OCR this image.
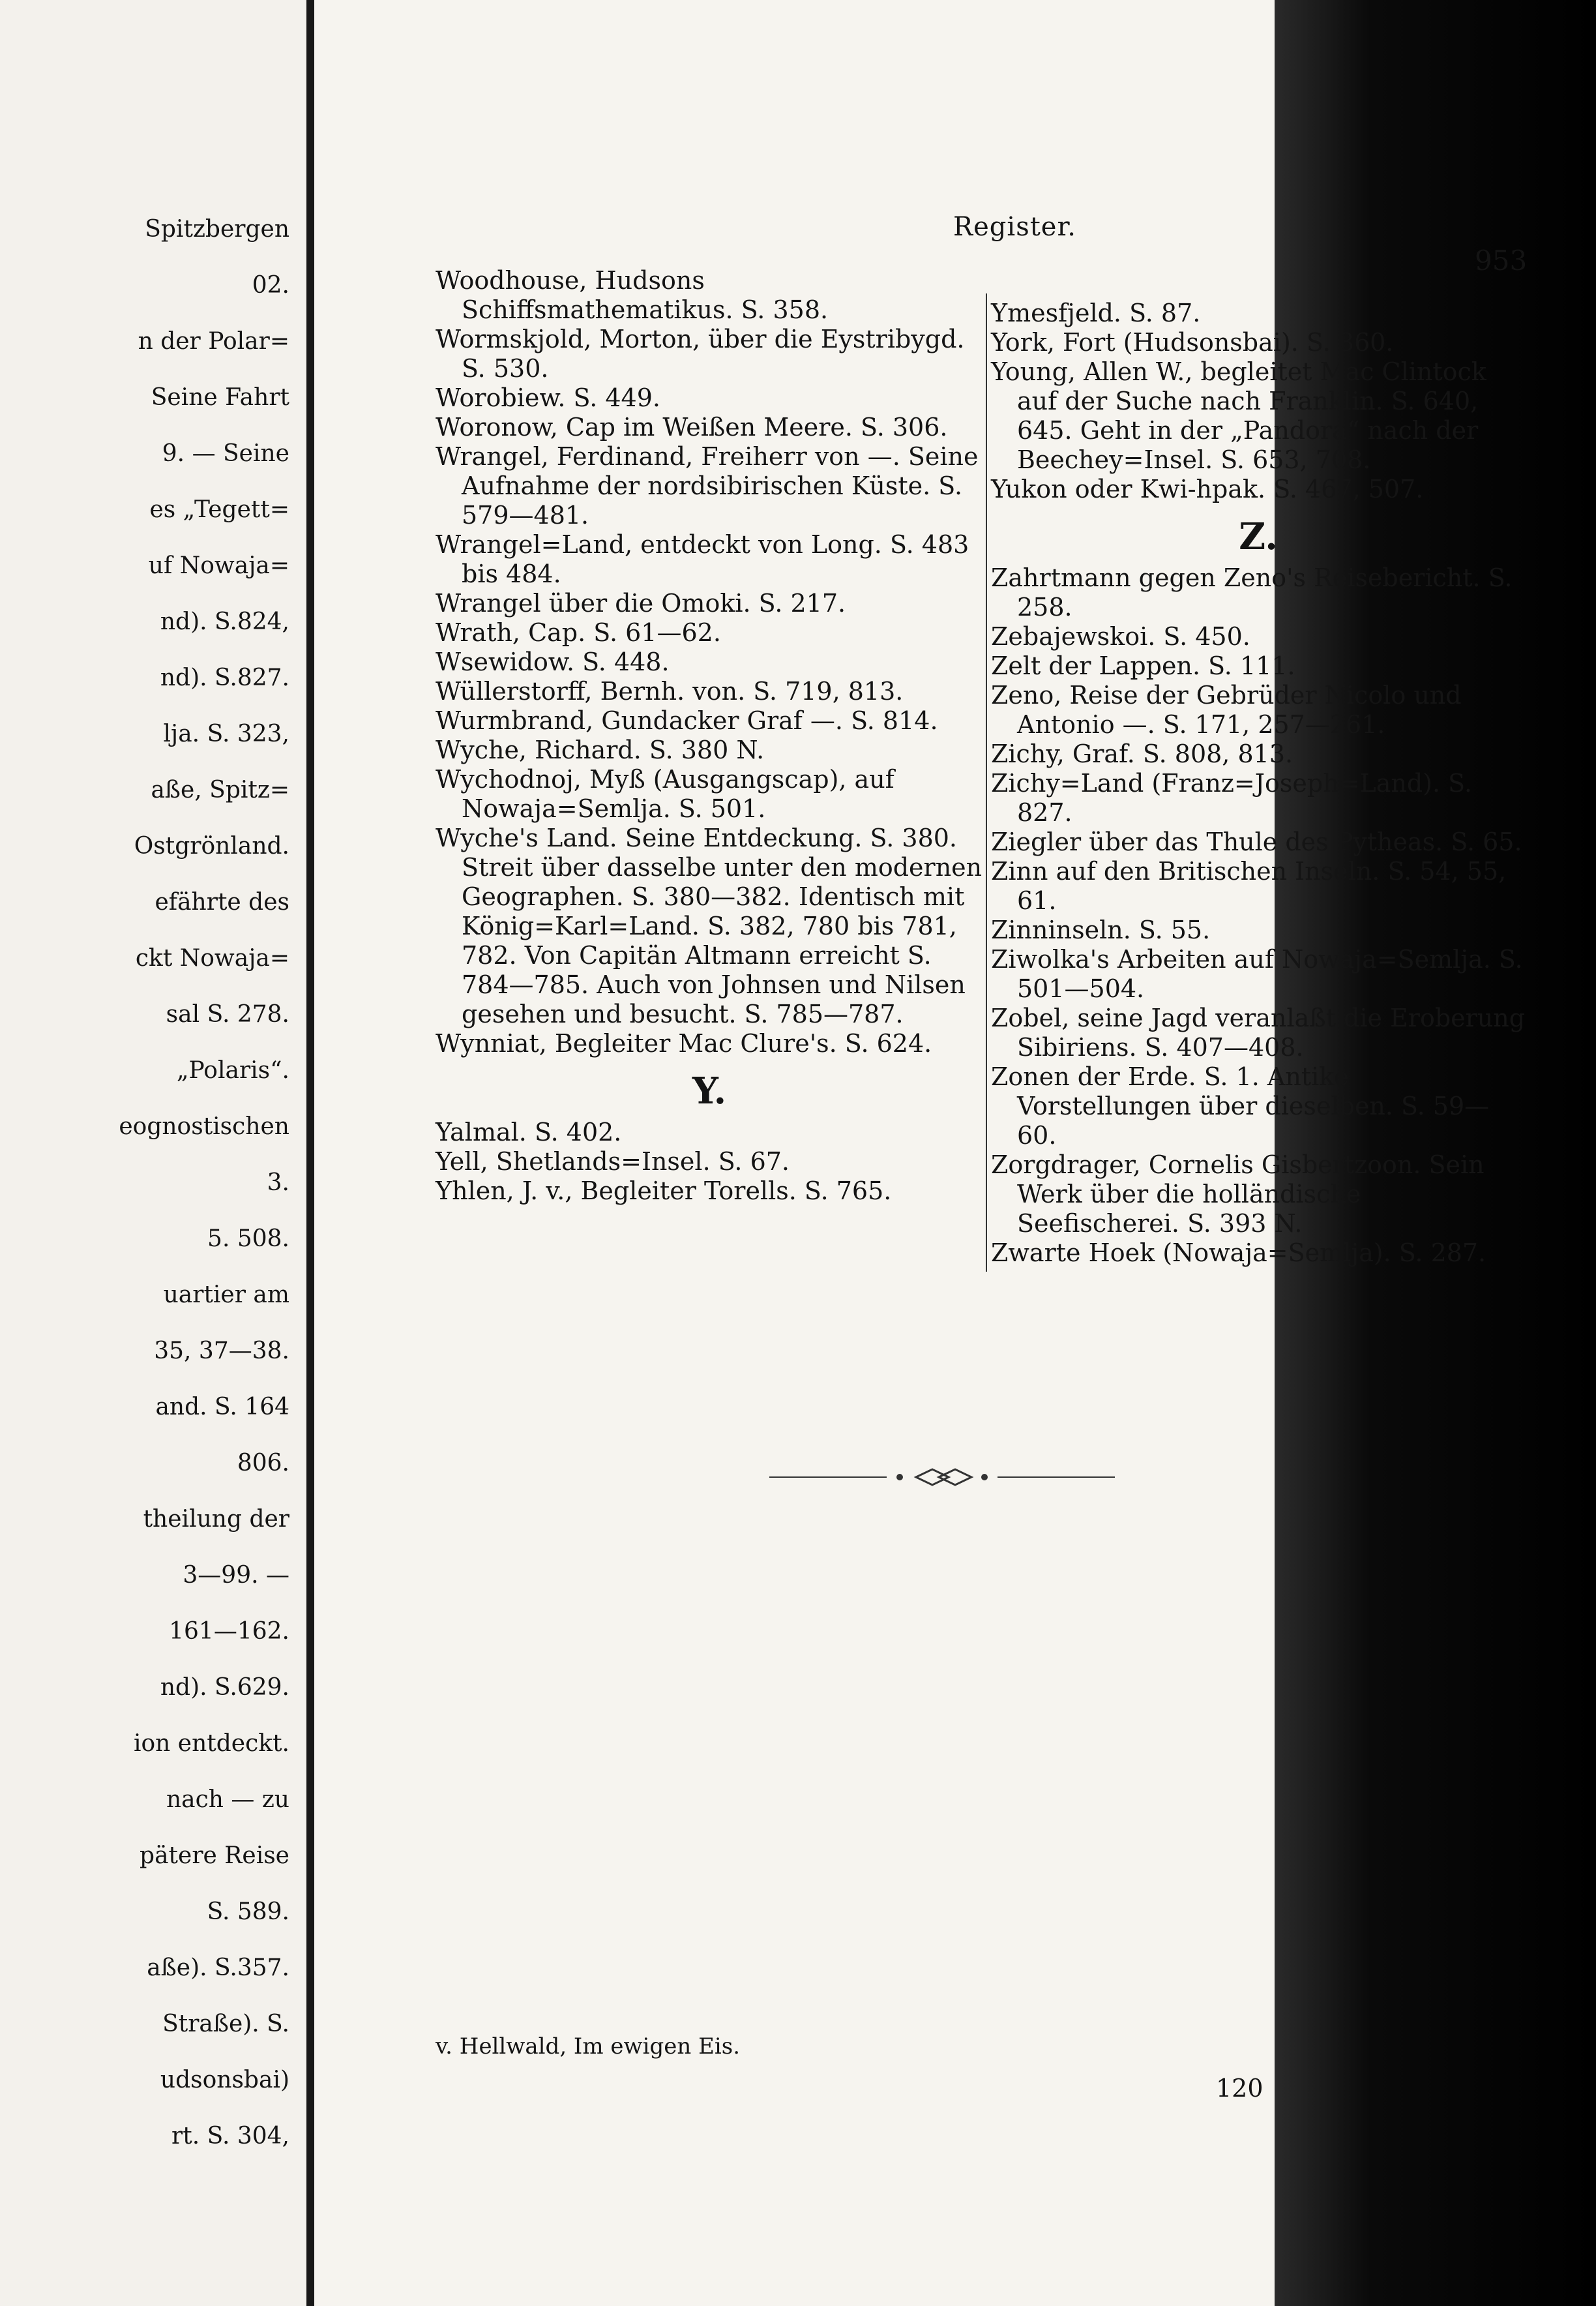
Spitzbergen
02.
n der Polar=
Seine Fahrt
9. — Seine
es „Tegett=
uf Nowaja=
nd). S.824,
nd). S.827.
lja. S. 323,
aße, Spitz=
Ostgrönland.
efährte des
ckt Nowaja=
sal S. 278.
„Polaris“.
eognostischen
3.
5. 508.
uartier am
35, 37—38.
and. S. 164
806.
theilung der
3—99. —
161—162.
nd). S.629.
ion entdeckt.
nach — zu
pätere Reise
S. 589.
aße). S.357.
Straße). S.
udsonsbai)
rt. S. 304,
Register.
953

Woodhouse, Hudsons Schiffsmathematikus. S. 358.

Wormskjold, Morton, über die Eystribygd. S. 530.

Worobiew. S. 449.

Woronow, Cap im Weißen Meere. S. 306.

Wrangel, Ferdinand, Freiherr von —. Seine Aufnahme der nordsibirischen Küste. S. 579—481.

Wrangel=Land, entdeckt von Long. S. 483 bis 484.

Wrangel über die Omoki. S. 217.

Wrath, Cap. S. 61—62.

Wsewidow. S. 448.

Wüllerstorff, Bernh. von. S. 719, 813.

Wurmbrand, Gundacker Graf —. S. 814.

Wyche, Richard. S. 380 N.

Wychodnoj, Myß (Ausgangscap), auf Nowaja=Semlja. S. 501.

Wyche's Land. Seine Entdeckung. S. 380. Streit über dasselbe unter den modernen Geographen. S. 380—382. Identisch mit König=Karl=Land. S. 382, 780 bis 781, 782. Von Capitän Altmann erreicht S. 784—785. Auch von Johnsen und Nilsen gesehen und besucht. S. 785—787.

Wynniat, Begleiter Mac Clure's. S. 624.

Y.

Yalmal. S. 402.

Yell, Shetlands=Insel. S. 67.

Yhlen, J. v., Begleiter Torells. S. 765.

Ymesfjeld. S. 87.

York, Fort (Hudsonsbai). S. 360.

Young, Allen W., begleitet Mac Clintock auf der Suche nach Franklin. S. 640, 645. Geht in der „Pandora“ nach der Beechey=Insel. S. 653, 708.

Yukon oder Kwi-hpak. S. 467, 507.

Z.

Zahrtmann gegen Zeno's Reisebericht. S. 258.

Zebajewskoi. S. 450.

Zelt der Lappen. S. 111.

Zeno, Reise der Gebrüder Nicolo und Antonio —. S. 171, 257—261.

Zichy, Graf. S. 808, 813.

Zichy=Land (Franz=Joseph=Land). S. 827.

Ziegler über das Thule des Pytheas. S. 65.

Zinn auf den Britischen Inseln. S. 54, 55, 61.

Zinninseln. S. 55.

Ziwolka's Arbeiten auf Nowaja=Semlja. S. 501—504.

Zobel, seine Jagd veranlaßt die Eroberung Sibiriens. S. 407—408.

Zonen der Erde. S. 1. Antike Vorstellungen über dieselben. S. 59—60.

Zorgdrager, Cornelis Gisbertzoon. Sein Werk über die holländische Seefischerei. S. 393 N.

Zwarte Hoek (Nowaja=Semlja). S. 287.

v. Hellwald, Im ewigen Eis.
120
